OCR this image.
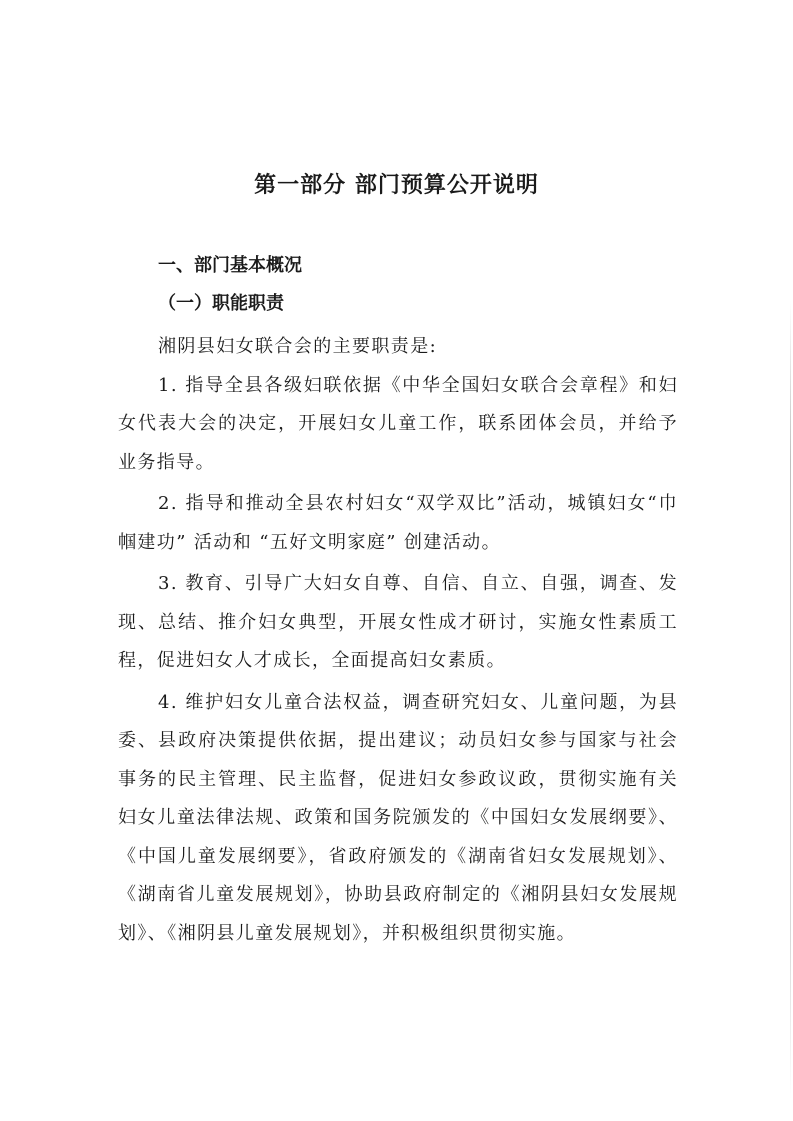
第一部分 部门预算公开说明
一、部门基本概况
（一）职能职责

湘阴县妇女联合会的主要职责是:

1. 指导全县各级妇联依据《中华全国妇女联合会章程》和妇女代表大会的决定，开展妇女儿童工作，联系团体会员，并给予业务指导。

2. 指导和推动全县农村妇女“双学双比”活动，城镇妇女“巾帼建功” 活动和 “五好文明家庭” 创建活动。

3. 教育、引导广大妇女自尊、自信、自立、自强，调查、发现、总结、推介妇女典型，开展女性成才研讨，实施女性素质工程，促进妇女人才成长，全面提高妇女素质。

4. 维护妇女儿童合法权益，调查研究妇女、儿童问题，为县委、县政府决策提供依据，提出建议；动员妇女参与国家与社会事务的民主管理、民主监督，促进妇女参政议政，贯彻实施有关妇女儿童法律法规、政策和国务院颁发的《中国妇女发展纲要》、《中国儿童发展纲要》，省政府颁发的《湖南省妇女发展规划》、《湖南省儿童发展规划》，协助县政府制定的《湘阴县妇女发展规划》、《湘阴县儿童发展规划》，并积极组织贯彻实施。
